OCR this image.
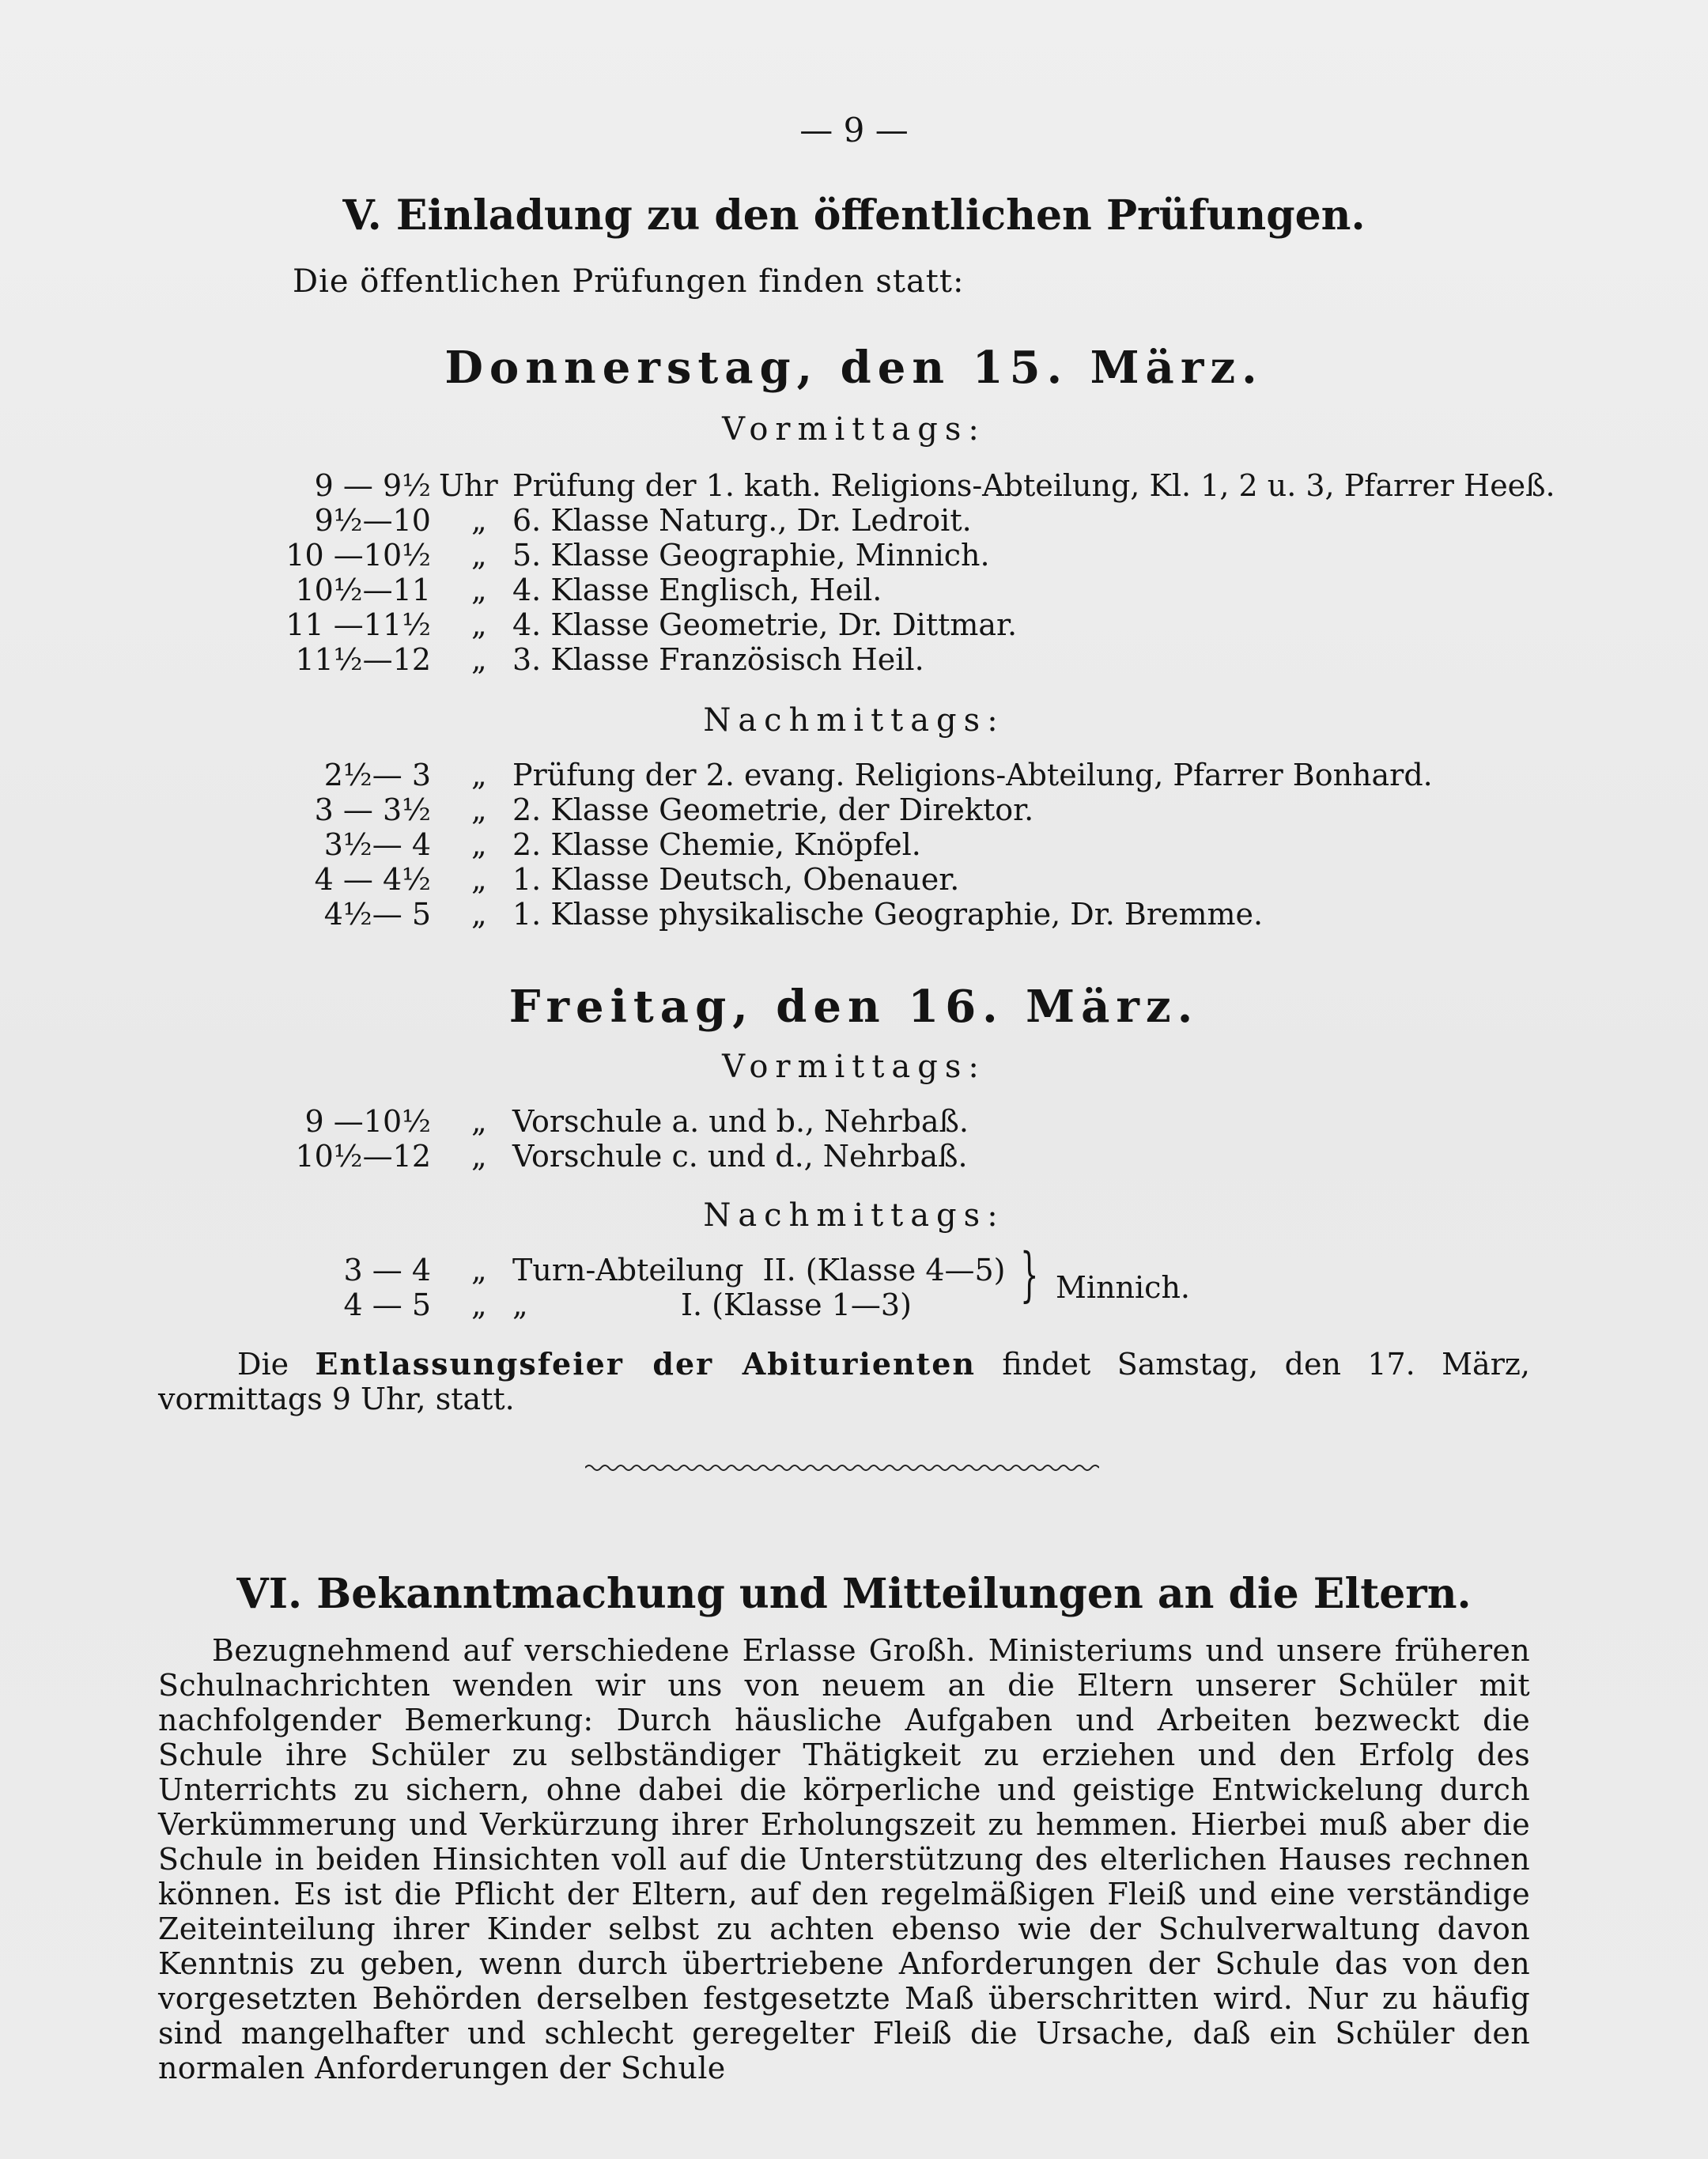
— 9 —
V. Einladung zu den öffentlichen Prüfungen.
Die öffentlichen Prüfungen finden statt:
Donnerstag, den 15. März.
Vormittags:
9 — 9½ Uhr Prüfung der 1. kath. Religions-Abteilung, Kl. 1, 2 u. 3, Pfarrer Heeß.
9½—10 „ 6. Klasse Naturg., Dr. Ledroit.
10 —10½ „ 5. Klasse Geographie, Minnich.
10½—11 „ 4. Klasse Englisch, Heil.
11 —11½ „ 4. Klasse Geometrie, Dr. Dittmar.
11½—12 „ 3. Klasse Französisch Heil.
Nachmittags:
2½— 3 „ Prüfung der 2. evang. Religions-Abteilung, Pfarrer Bonhard.
3 — 3½ „ 2. Klasse Geometrie, der Direktor.
3½— 4 „ 2. Klasse Chemie, Knöpfel.
4 — 4½ „ 1. Klasse Deutsch, Obenauer.
4½— 5 „ 1. Klasse physikalische Geographie, Dr. Bremme.
Freitag, den 16. März.
Vormittags:
9 —10½ „ Vorschule a. und b., Nehrbaß.
10½—12 „ Vorschule c. und d., Nehrbaß.
Nachmittags:
3 — 4 „ Turn-Abteilung  II. (Klasse 4—5)
4 — 5 „ „                I. (Klasse 1—3) } Minnich.
Die Entlassungsfeier der Abiturienten findet Samstag, den 17. März, vormittags 9 Uhr, statt.
VI. Bekanntmachung und Mitteilungen an die Eltern.
Bezugnehmend auf verschiedene Erlasse Großh. Ministeriums und unsere früheren Schulnachrichten wenden wir uns von neuem an die Eltern unserer Schüler mit nachfolgender Bemerkung: Durch häusliche Aufgaben und Arbeiten bezweckt die Schule ihre Schüler zu selbständiger Thätigkeit zu erziehen und den Erfolg des Unterrichts zu sichern, ohne dabei die körperliche und geistige Entwickelung durch Verkümmerung und Verkürzung ihrer Erholungszeit zu hemmen. Hierbei muß aber die Schule in beiden Hinsichten voll auf die Unterstützung des elterlichen Hauses rechnen können. Es ist die Pflicht der Eltern, auf den regelmäßigen Fleiß und eine verständige Zeiteinteilung ihrer Kinder selbst zu achten ebenso wie der Schulverwaltung davon Kenntnis zu geben, wenn durch übertriebene Anforderungen der Schule das von den vorgesetzten Behörden derselben festgesetzte Maß überschritten wird. Nur zu häufig sind mangelhafter und schlecht geregelter Fleiß die Ursache, daß ein Schüler den normalen Anforderungen der Schule
